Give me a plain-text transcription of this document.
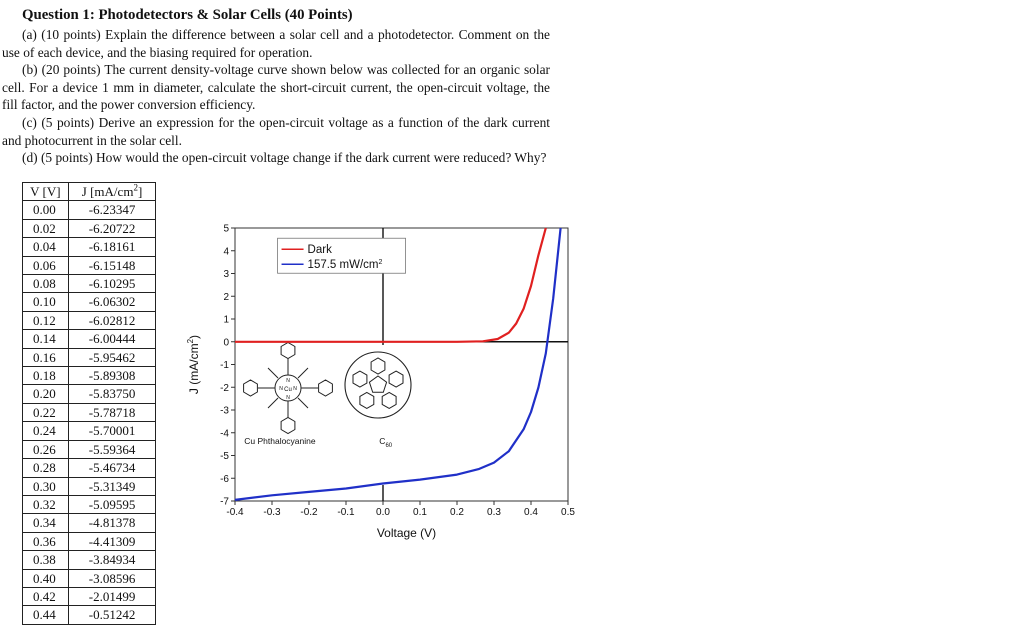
Question 1: Photodetectors & Solar Cells (40 Points)

(a) (10 points) Explain the difference between a solar cell and a photodetector. Comment on the use of each device, and the biasing required for operation.

(b) (20 points) The current density-voltage curve shown below was collected for an organic solar cell. For a device 1 mm in diameter, calculate the short-circuit current, the open-circuit voltage, the fill factor, and the power conversion efficiency.

(c) (5 points) Derive an expression for the open-circuit voltage as a function of the dark current and photocurrent in the solar cell.

(d) (5 points) How would the open-circuit voltage change if the dark current were reduced? Why?

V [V]	J $[mA/cm^2]$
0.00	-6.23347
0.02	-6.20722
0.04	-6.18161
0.06	-6.15148
0.08	-6.10295
0.10	-6.06302
0.12	-6.02812
0.14	-6.00444
0.16	-5.95462
0.18	-5.89308
0.20	-5.83750
0.22	-5.78718
0.24	-5.70001
0.26	-5.59364
0.28	-5.46734
0.30	-5.31349
0.32	-5.09595
0.34	-4.81378
0.36	-4.41309
0.38	-3.84934
0.40	-3.08596
0.42	-2.01499
0.44	-0.51242
5
4
3
2
1
0
-1
-2
-3
-4
-5
-6
-7
-0.4 -0.3 -0.2 -0.1 0.0 0.1 0.2 0.3 0.4 0.5
Cu
N N
N
N
Dark
157.5 $mW/cm^2$
Voltage (V)
J $(mA/cm^2)$
Cu Phthalocyanine	$C_{60}$
